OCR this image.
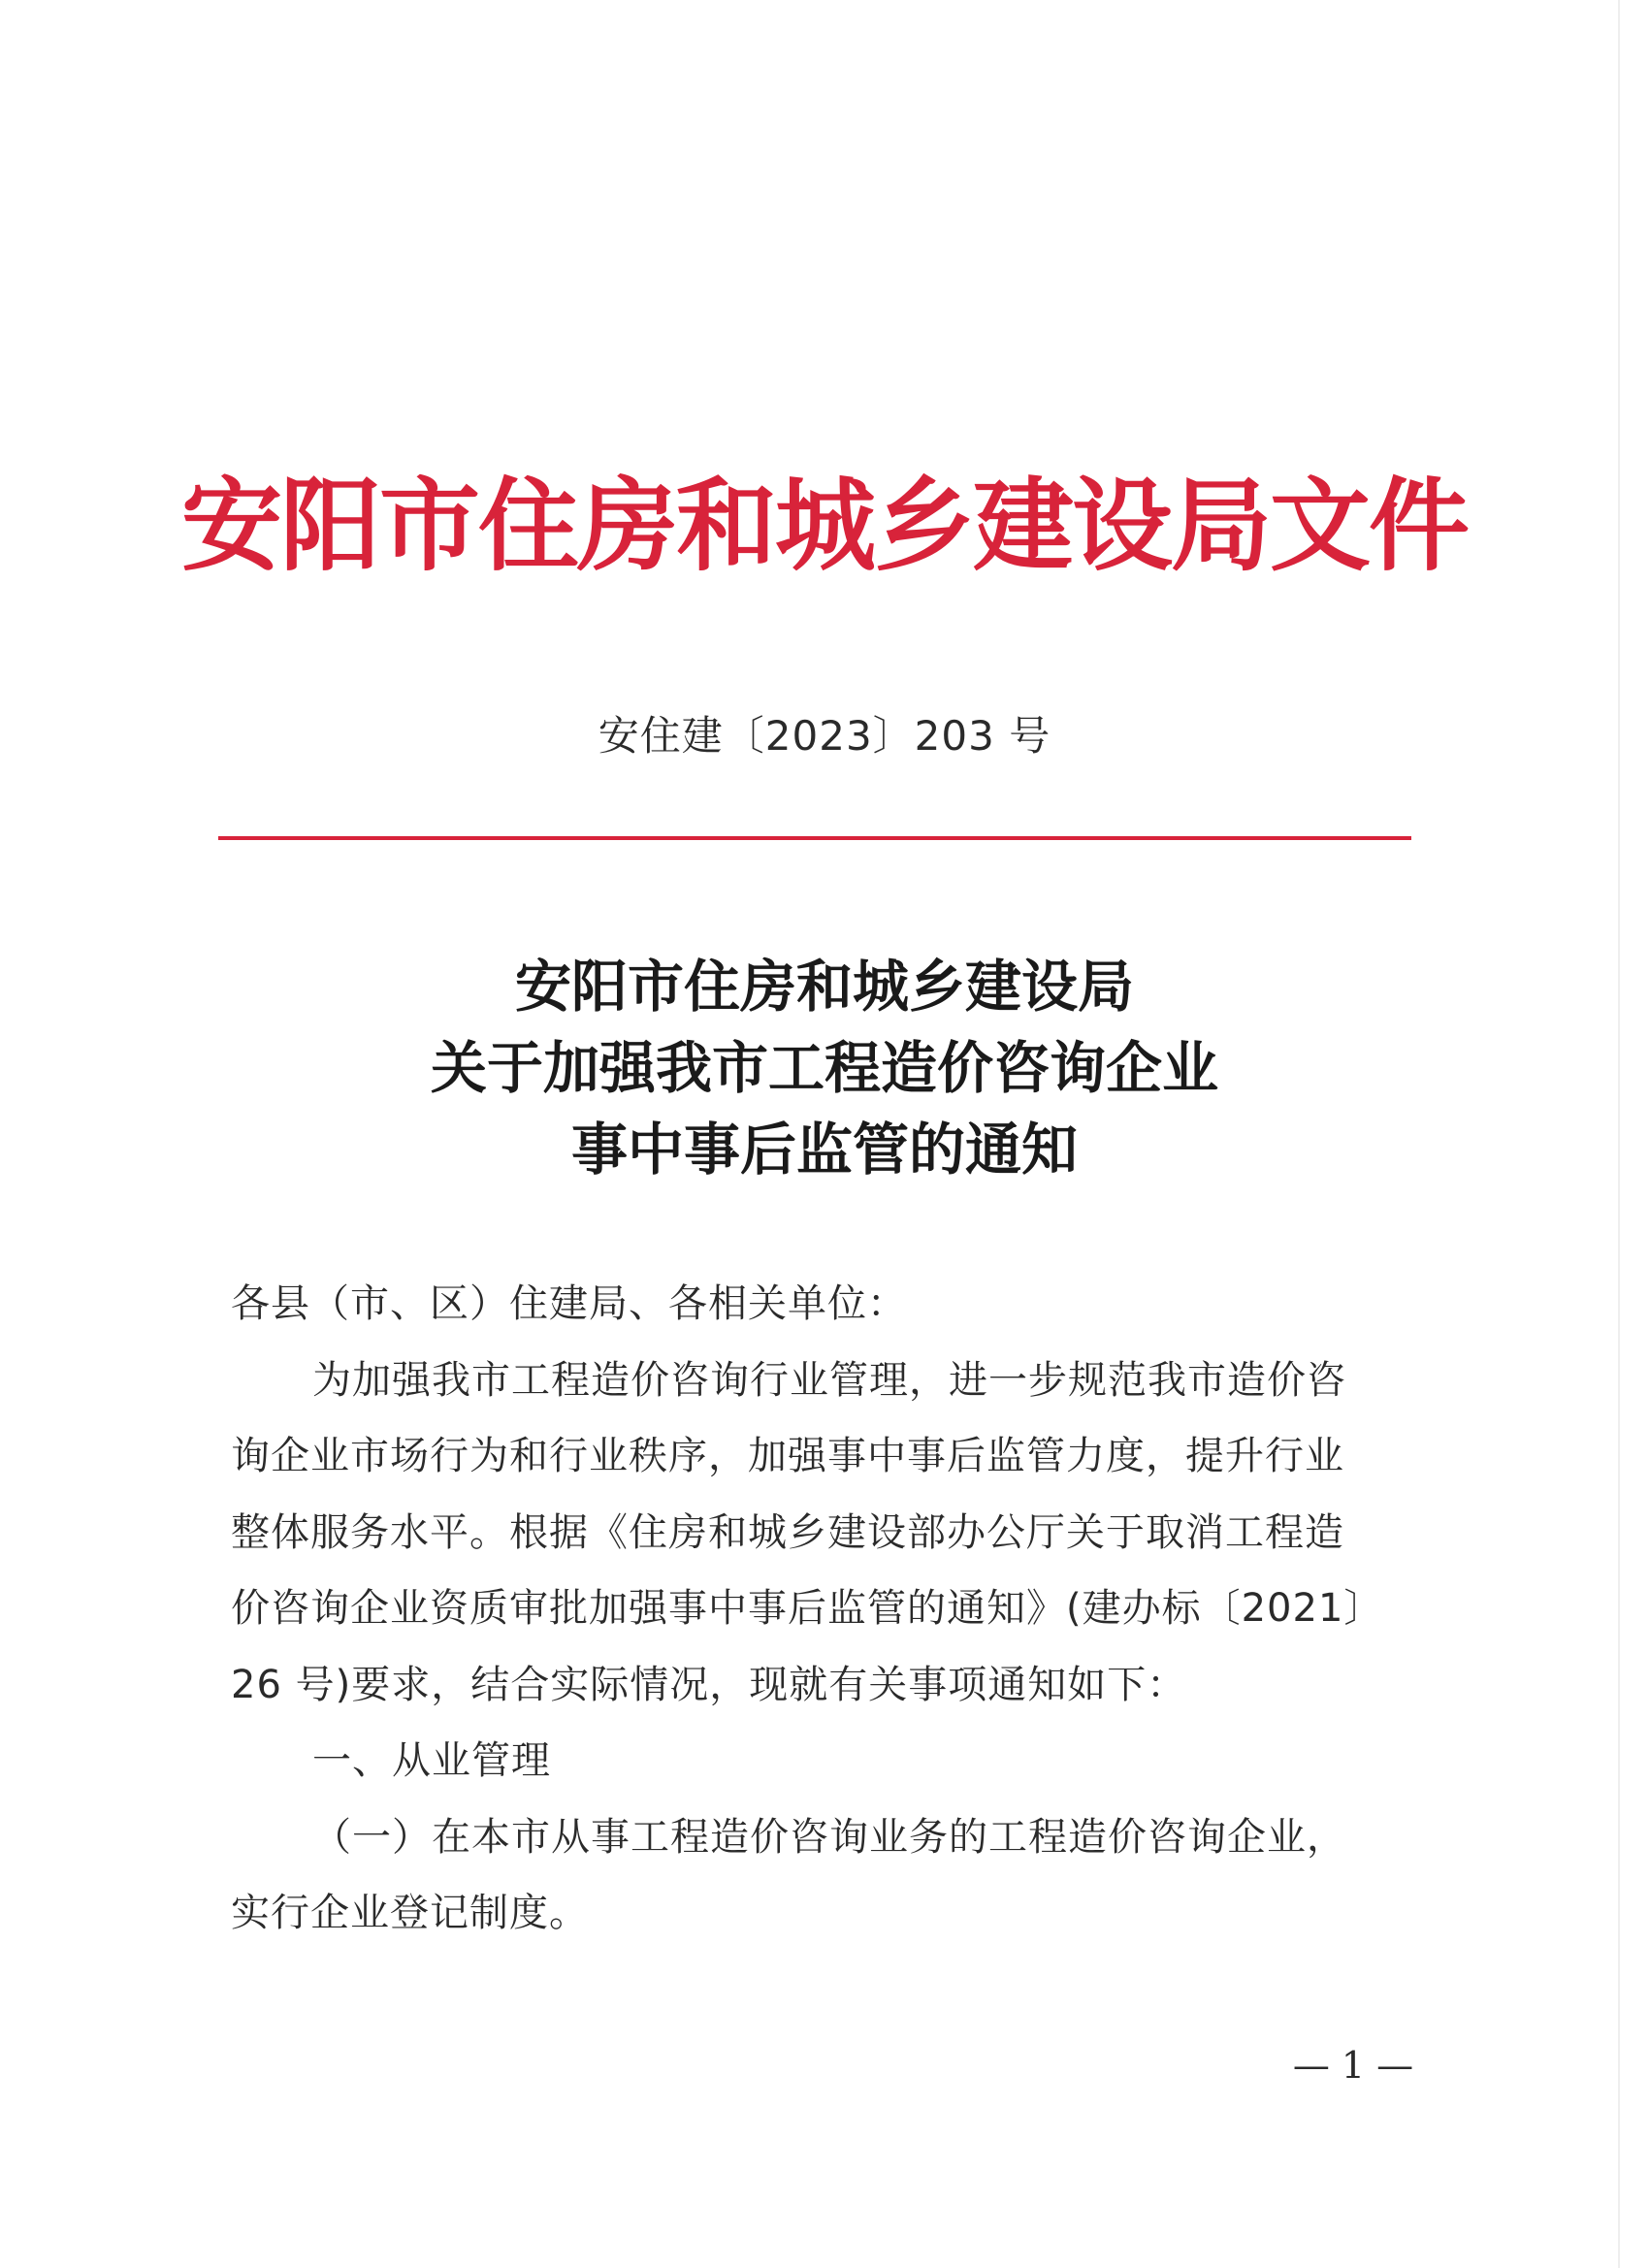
安阳市住房和城乡建设局文件
安住建〔2023〕203 号
安阳市住房和城乡建设局
关于加强我市工程造价咨询企业
事中事后监管的通知
各县（市、区）住建局、各相关单位：
为加强我市工程造价咨询行业管理，进一步规范我市造价咨
询企业市场行为和行业秩序，加强事中事后监管力度，提升行业
整体服务水平。根据《住房和城乡建设部办公厅关于取消工程造
价咨询企业资质审批加强事中事后监管的通知》(建办标〔2021〕
26 号)要求，结合实际情况，现就有关事项通知如下：
一、从业管理
（一）在本市从事工程造价咨询业务的工程造价咨询企业，
实行企业登记制度。
— 1 —
